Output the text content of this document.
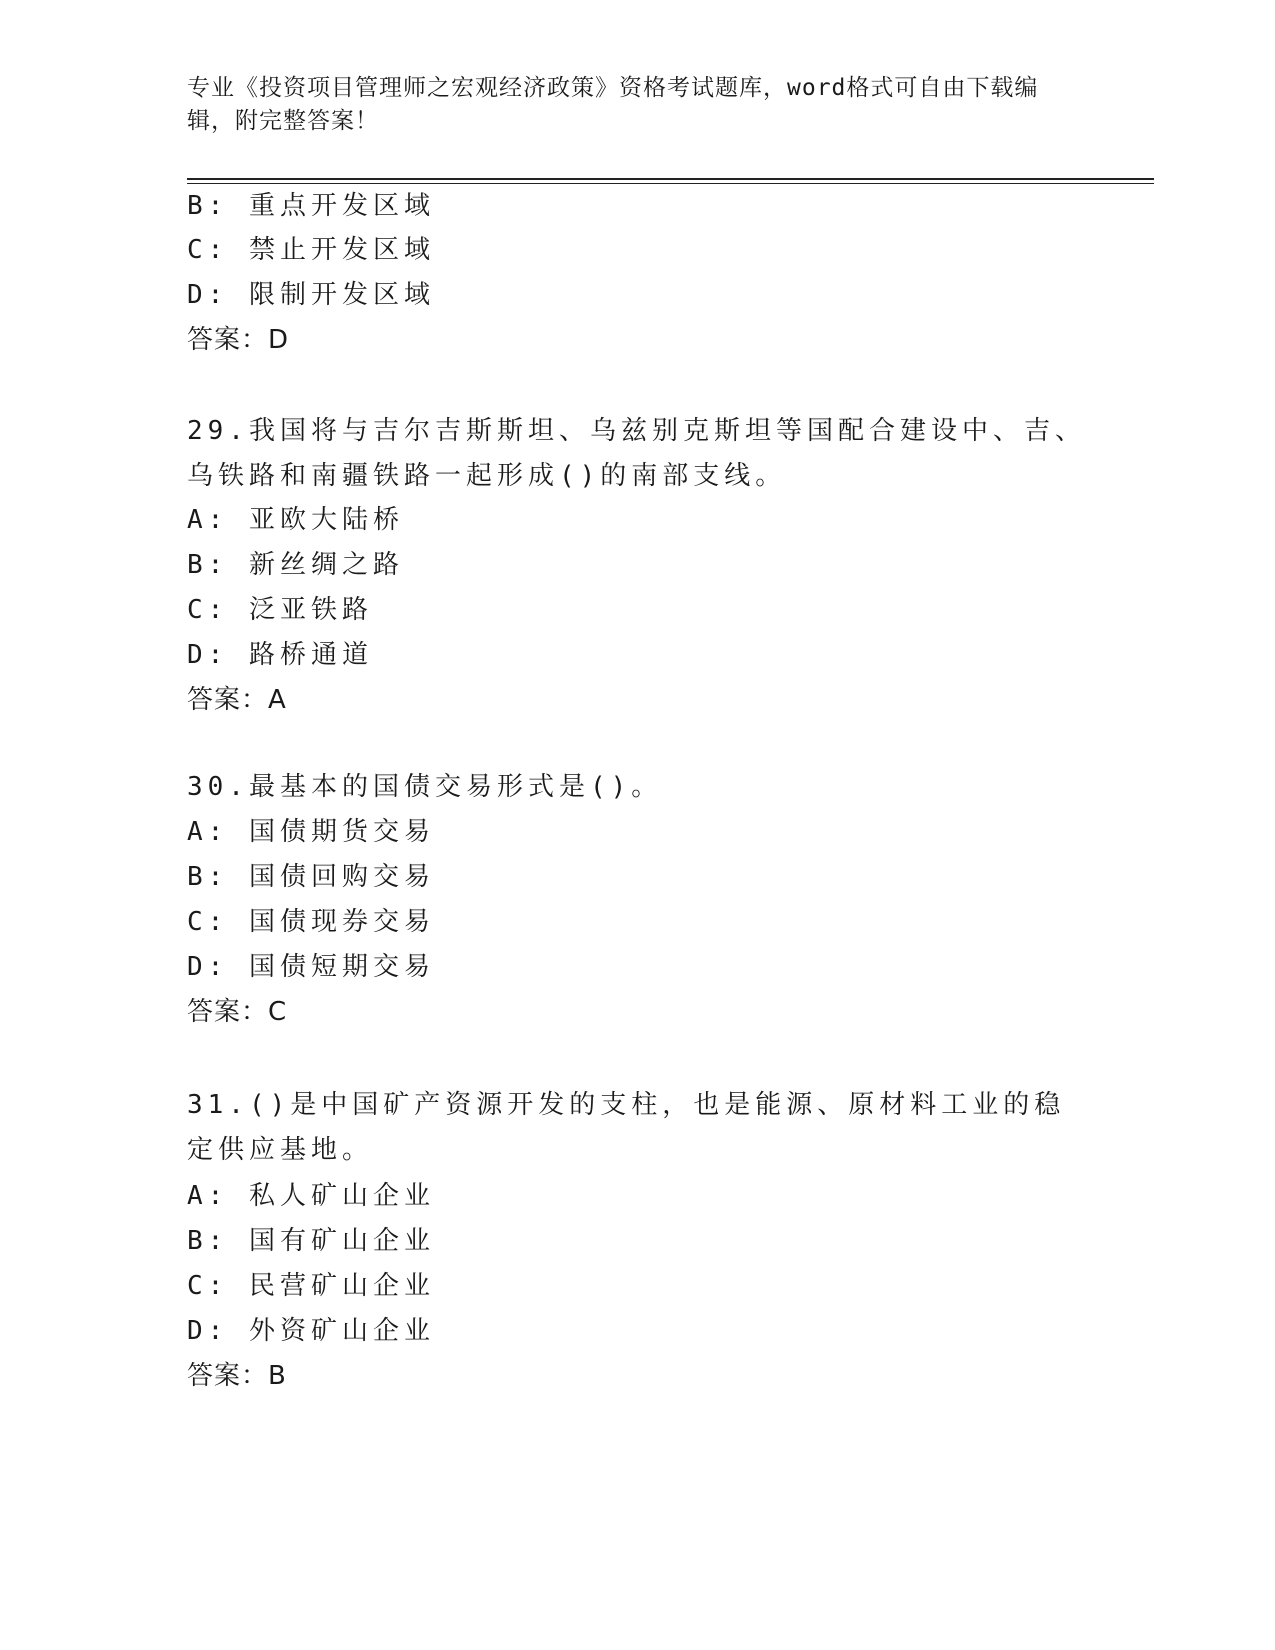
专业《投资项目管理师之宏观经济政策》资格考试题库，word格式可自由下载编辑，附完整答案！
B: 重点开发区域
C: 禁止开发区域
D: 限制开发区域
答案：D
29.我国将与吉尔吉斯斯坦、乌兹别克斯坦等国配合建设中、吉、乌铁路和南疆铁路一起形成()的南部支线。
A: 亚欧大陆桥
B: 新丝绸之路
C: 泛亚铁路
D: 路桥通道
答案：A
30.最基本的国债交易形式是()。
A: 国债期货交易
B: 国债回购交易
C: 国债现券交易
D: 国债短期交易
答案：C
31.()是中国矿产资源开发的支柱，也是能源、原材料工业的稳定供应基地。
A: 私人矿山企业
B: 国有矿山企业
C: 民营矿山企业
D: 外资矿山企业
答案：B
